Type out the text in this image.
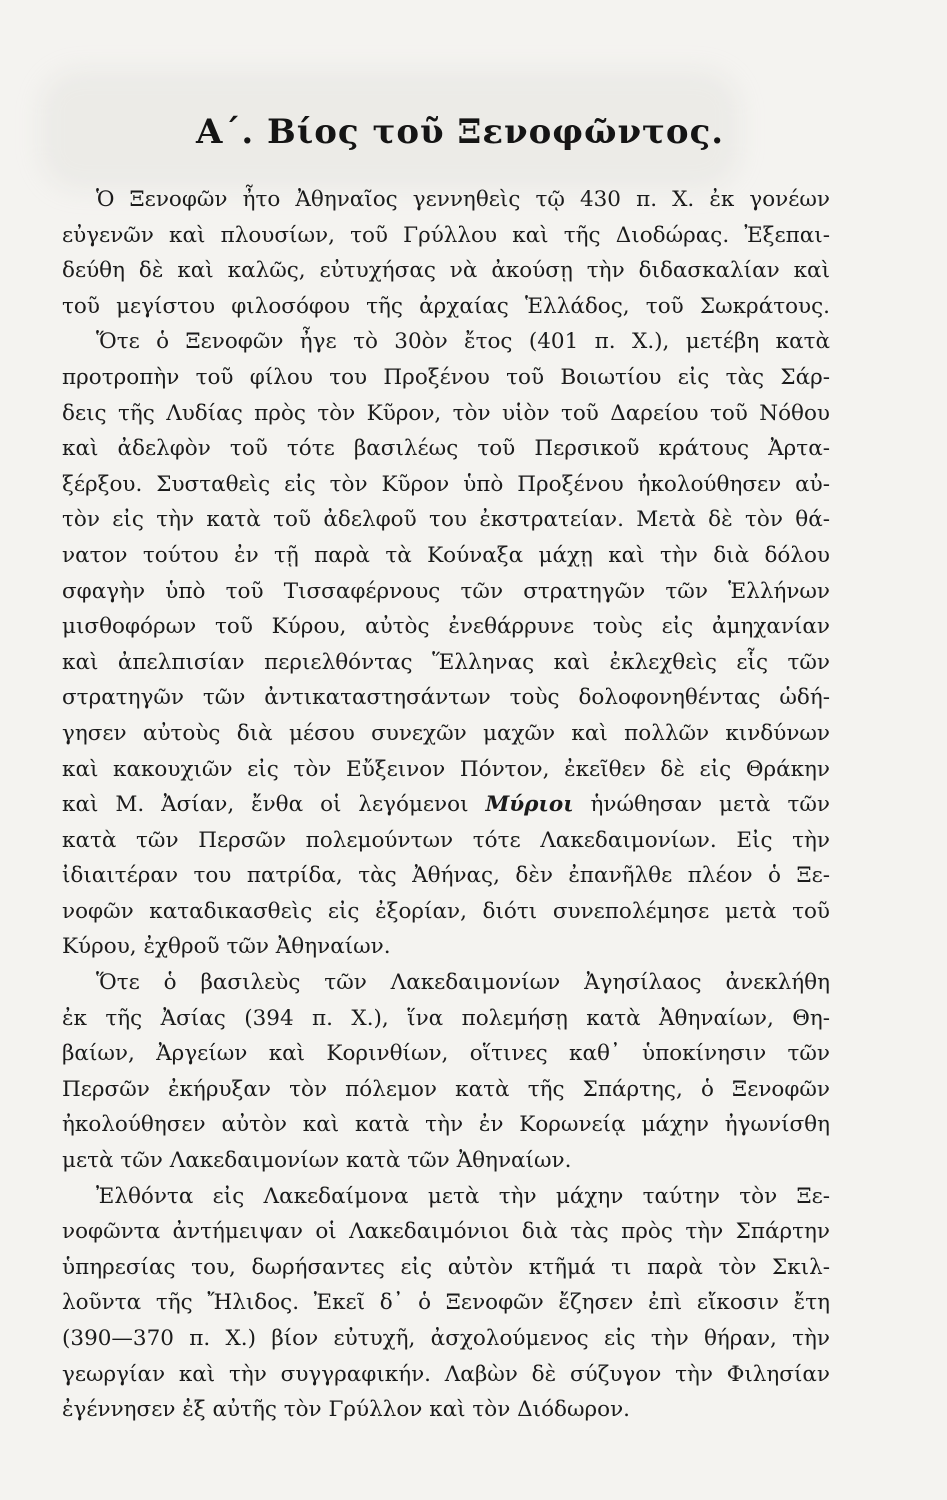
Α΄. Βίος τοῦ Ξενοφῶντος.
Ὁ Ξενοφῶν ἦτο Ἀθηναῖος γεννηθεὶς τῷ 430 π. Χ. ἐκ γονέων
εὐγενῶν καὶ πλουσίων, τοῦ Γρύλλου καὶ τῆς Διοδώρας. Ἐξεπαι-
δεύθη δὲ καὶ καλῶς, εὐτυχήσας νὰ ἀκούσῃ τὴν διδασκαλίαν καὶ
τοῦ μεγίστου φιλοσόφου τῆς ἀρχαίας Ἑλλάδος, τοῦ Σωκράτους.
Ὅτε ὁ Ξενοφῶν ἦγε τὸ 30ὸν ἔτος (401 π. Χ.), μετέβη κατὰ
προτροπὴν τοῦ φίλου του Προξένου τοῦ Βοιωτίου εἰς τὰς Σάρ-
δεις τῆς Λυδίας πρὸς τὸν Κῦρον, τὸν υἱὸν τοῦ Δαρείου τοῦ Νόθου
καὶ ἀδελφὸν τοῦ τότε βασιλέως τοῦ Περσικοῦ κράτους Ἀρτα-
ξέρξου. Συσταθεὶς εἰς τὸν Κῦρον ὑπὸ Προξένου ἠκολούθησεν αὐ-
τὸν εἰς τὴν κατὰ τοῦ ἀδελφοῦ του ἐκστρατείαν. Μετὰ δὲ τὸν θά-
νατον τούτου ἐν τῇ παρὰ τὰ Κούναξα μάχῃ καὶ τὴν διὰ δόλου
σφαγὴν ὑπὸ τοῦ Τισσαφέρνους τῶν στρατηγῶν τῶν Ἑλλήνων
μισθοφόρων τοῦ Κύρου, αὐτὸς ἐνεθάρρυνε τοὺς εἰς ἀμηχανίαν
καὶ ἀπελπισίαν περιελθόντας Ἕλληνας καὶ ἐκλεχθεὶς εἷς τῶν
στρατηγῶν τῶν ἀντικαταστησάντων τοὺς δολοφονηθέντας ὡδή-
γησεν αὐτοὺς διὰ μέσου συνεχῶν μαχῶν καὶ πολλῶν κινδύνων
καὶ κακουχιῶν εἰς τὸν Εὔξεινον Πόντον, ἐκεῖθεν δὲ εἰς Θράκην
καὶ Μ. Ἀσίαν, ἔνθα οἱ λεγόμενοι Μύριοι ἡνώθησαν μετὰ τῶν
κατὰ τῶν Περσῶν πολεμούντων τότε Λακεδαιμονίων. Εἰς τὴν
ἰδιαιτέραν του πατρίδα, τὰς Ἀθήνας, δὲν ἐπανῆλθε πλέον ὁ Ξε-
νοφῶν καταδικασθεὶς εἰς ἐξορίαν, διότι συνεπολέμησε μετὰ τοῦ
Κύρου, ἐχθροῦ τῶν Ἀθηναίων.
Ὅτε ὁ βασιλεὺς τῶν Λακεδαιμονίων Ἀγησίλαος ἀνεκλήθη
ἐκ τῆς Ἀσίας (394 π. Χ.), ἵνα πολεμήσῃ κατὰ Ἀθηναίων, Θη-
βαίων, Ἀργείων καὶ Κορινθίων, οἵτινες καθ᾽ ὑποκίνησιν τῶν
Περσῶν ἐκήρυξαν τὸν πόλεμον κατὰ τῆς Σπάρτης, ὁ Ξενοφῶν
ἠκολούθησεν αὐτὸν καὶ κατὰ τὴν ἐν Κορωνείᾳ μάχην ἠγωνίσθη
μετὰ τῶν Λακεδαιμονίων κατὰ τῶν Ἀθηναίων.
Ἐλθόντα εἰς Λακεδαίμονα μετὰ τὴν μάχην ταύτην τὸν Ξε-
νοφῶντα ἀντήμειψαν οἱ Λακεδαιμόνιοι διὰ τὰς πρὸς τὴν Σπάρτην
ὑπηρεσίας του, δωρήσαντες εἰς αὐτὸν κτῆμά τι παρὰ τὸν Σκιλ-
λοῦντα τῆς Ἤλιδος. Ἐκεῖ δ᾽ ὁ Ξενοφῶν ἔζησεν ἐπὶ εἴκοσιν ἔτη
(390—370 π. Χ.) βίον εὐτυχῆ, ἀσχολούμενος εἰς τὴν θήραν, τὴν
γεωργίαν καὶ τὴν συγγραφικήν. Λαβὼν δὲ σύζυγον τὴν Φιλησίαν
ἐγέννησεν ἐξ αὐτῆς τὸν Γρύλλον καὶ τὸν Διόδωρον.
